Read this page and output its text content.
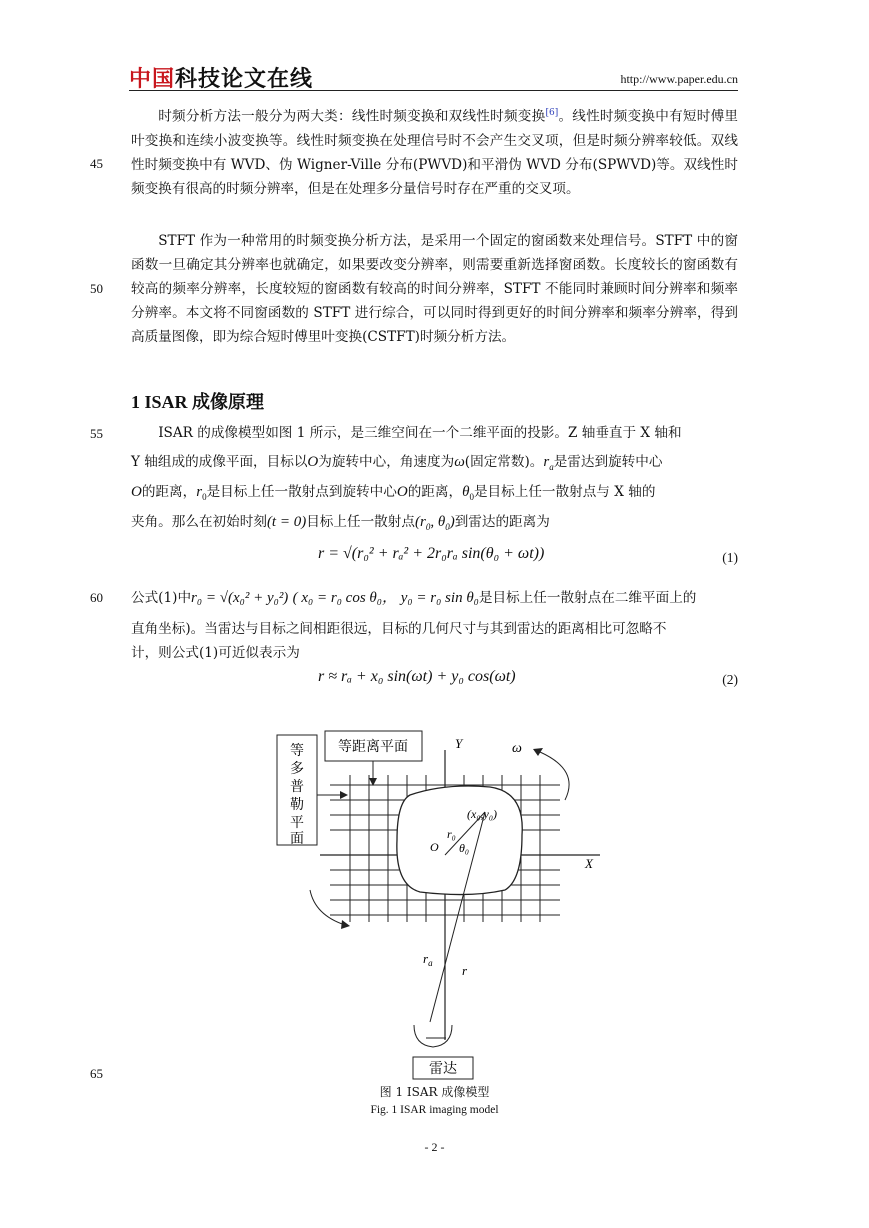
中国科技论文在线	http://www.paper.edu.cn
45
50
55
60
65

时频分析方法一般分为两大类：线性时频变换和双线性时频变换[6]。线性时频变换中有短时傅里叶变换和连续小波变换等。线性时频变换在处理信号时不会产生交叉项，但是时频分辨率较低。双线性时频变换中有 WVD、伪 Wigner-Ville 分布(PWVD)和平滑伪 WVD 分布(SPWVD)等。双线性时频变换有很高的时频分辨率，但是在处理多分量信号时存在严重的交叉项。

STFT 作为一种常用的时频变换分析方法，是采用一个固定的窗函数来处理信号。STFT 中的窗函数一旦确定其分辨率也就确定，如果要改变分辨率，则需要重新选择窗函数。长度较长的窗函数有较高的频率分辨率，长度较短的窗函数有较高的时间分辨率，STFT 不能同时兼顾时间分辨率和频率分辨率。本文将不同窗函数的 STFT 进行综合，可以同时得到更好的时间分辨率和频率分辨率，得到高质量图像，即为综合短时傅里叶变换(CSTFT)时频分析方法。

1 ISAR 成像原理
ISAR 的成像模型如图 1 所示，是三维空间在一个二维平面的投影。Z 轴垂直于 X 轴和
Y 轴组成的成像平面，目标以O为旋转中心，角速度为ω(固定常数)。$r_a$是雷达到旋转中心
O的距离，$r_0$是目标上任一散射点到旋转中心O的距离，$\theta_0$是目标上任一散射点与 X 轴的
夹角。那么在初始时刻(t = 0)目标上任一散射点($r_0$, $\theta_0$)到雷达的距离为
r = √(r₀² + rₐ² + 2r₀rₐ sin(θ₀ + ωt))	(1)
公式(1)中r₀ = √(x₀² + y₀²) ( x₀ = r₀ cos θ₀， y₀ = r₀ sin θ₀是目标上任一散射点在二维平面上的
直角坐标)。当雷达与目标之间相距很远，目标的几何尺寸与其到雷达的距离相比可忽略不
计，则公式(1)可近似表示为
r ≈ rₐ + x₀ sin(ωt) + y₀ cos(ωt)	(2)
等
多
普
勒
平
面
等距离平面	Y
X
(x₀,y₀)
r₀
θ₀
O
$r_a$ r
ω
雷达
图 1 ISAR 成像模型
Fig. 1 ISAR imaging model
- 2 -
